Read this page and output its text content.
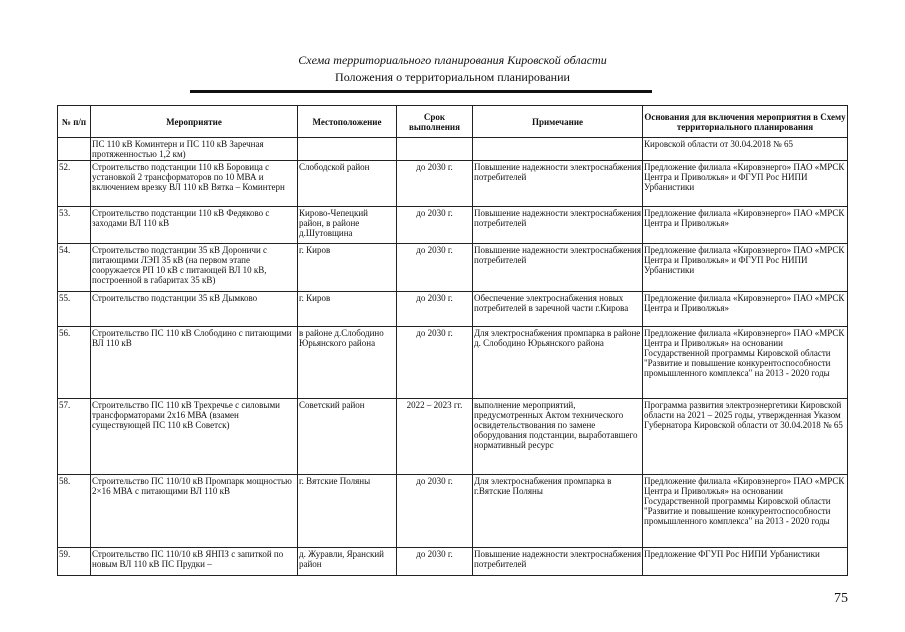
Схема территориального планирования Кировской области
Положения о территориальном планировании
№ п/п	Мероприятие	Местоположение	Срок выполнения	Примечание	Основания для включения мероприятия в Схему территориального планирования
	ПС 110 кВ Коминтерн и ПС 110 кВ Заречная протяженностью 1,2 км)				Кировской области от 30.04.2018 № 65
52.	Строительство подстанции 110 кВ Боровица с установкой 2 трансформаторов по 10 МВА и включением врезку ВЛ 110 кВ Вятка – Коминтерн	Слободской район	до 2030 г.	Повышение надежности электроснабжения потребителей	Предложение филиала «Кировэнерго» ПАО «МРСК Центра и Приволжья» и ФГУП Рос НИПИ Урбанистики
53.	Строительство подстанции 110 кВ Федяково с заходами ВЛ 110 кВ	Кирово-Чепецкий район, в районе д.Шутовщина	до 2030 г.	Повышение надежности электроснабжения потребителей	Предложение филиала «Кировэнерго» ПАО «МРСК Центра и Приволжья»
54.	Строительство подстанции 35 кВ Дороничи с питающими ЛЭП 35 кВ (на первом этапе сооружается РП 10 кВ с питающей ВЛ 10 кВ, построенной в габаритах 35 кВ)	г. Киров	до 2030 г.	Повышение надежности электроснабжения потребителей	Предложение филиала «Кировэнерго» ПАО «МРСК Центра и Приволжья» и ФГУП Рос НИПИ Урбанистики
55.	Строительство подстанции 35 кВ Дымково	г. Киров	до 2030 г.	Обеспечение электроснабжения новых потребителей в заречной части г.Кирова	Предложение филиала «Кировэнерго» ПАО «МРСК Центра и Приволжья»
56.	Строительство ПС 110 кВ Слободино с питающими ВЛ 110 кВ	в районе д.Слободино Юрьянского района	до 2030 г.	Для электроснабжения промпарка в районе д. Слободино Юрьянского района	Предложение филиала «Кировэнерго» ПАО «МРСК Центра и Приволжья» на основании Государственной программы Кировской области "Развитие и повышение конкурентоспособности промышленного комплекса" на 2013 - 2020 годы
57.	Строительство ПС 110 кВ Трехречье с силовыми трансформаторами 2х16 МВА (взамен существующей ПС 110 кВ Советск)	Советский район	2022 – 2023 гг.	выполнение мероприятий, предусмотренных Актом технического освидетельствования по замене оборудования подстанции, выработавшего нормативный ресурс	Программа развития электроэнергетики Кировской области на 2021 – 2025 годы, утвержденная Указом Губернатора Кировской области от 30.04.2018 № 65
58.	Строительство ПС 110/10 кВ Промпарк мощностью 2×16 МВА с питающими ВЛ 110 кВ	г. Вятские Поляны	до 2030 г.	Для электроснабжения промпарка в г.Вятские Поляны	Предложение филиала «Кировэнерго» ПАО «МРСК Центра и Приволжья» на основании Государственной программы Кировской области "Развитие и повышение конкурентоспособности промышленного комплекса" на 2013 - 2020 годы
59.	Строительство ПС 110/10 кВ ЯНПЗ с запиткой по новым ВЛ 110 кВ ПС Прудки –	д. Журавли, Яранский район	до 2030 г.	Повышение надежности электроснабжения потребителей	Предложение ФГУП Рос НИПИ Урбанистики
75
